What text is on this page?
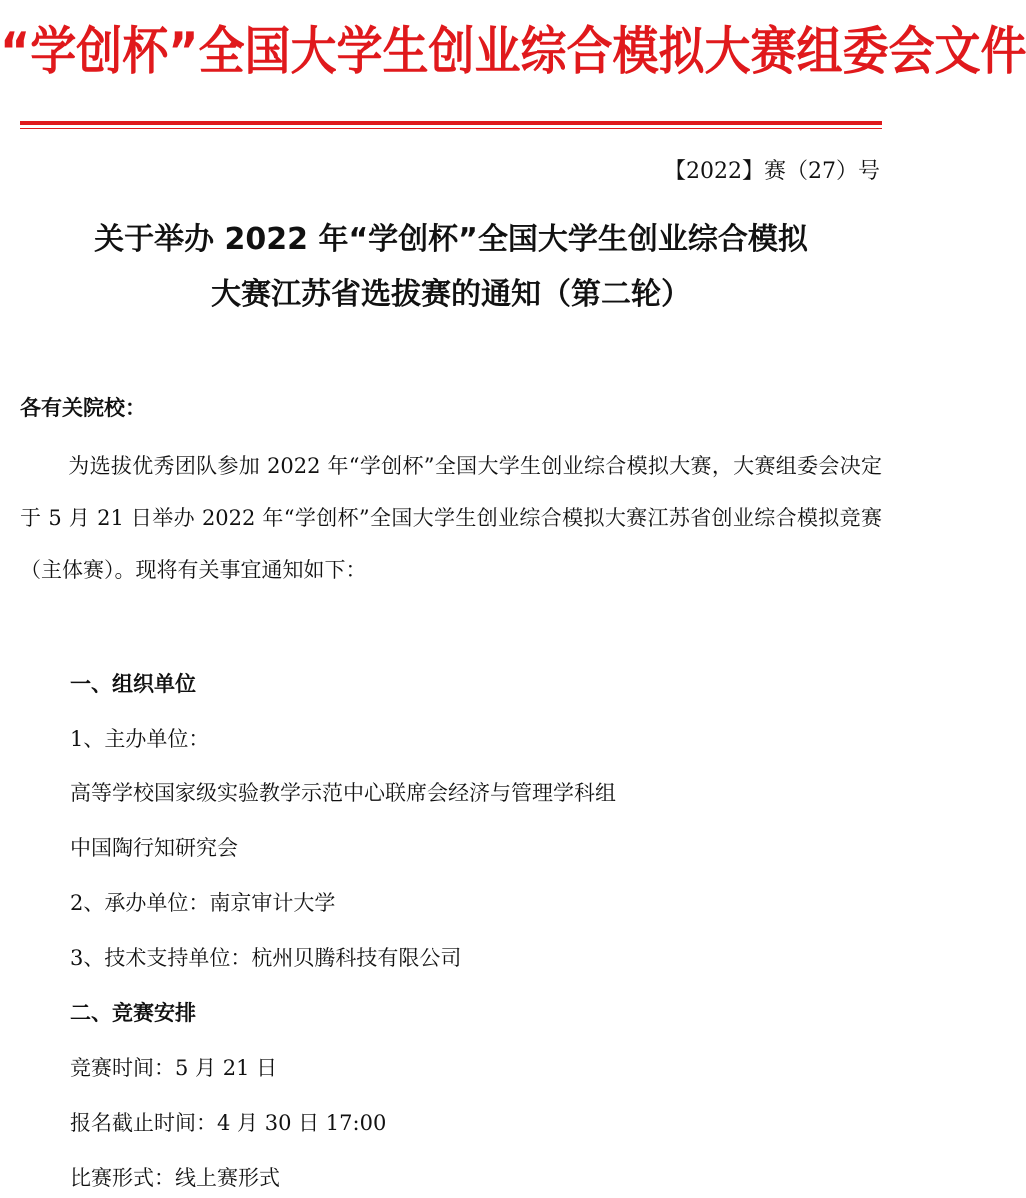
“学创杯”全国大学生创业综合模拟大赛组委会文件
【2022】赛（27）号
关于举办 2022 年“学创杯”全国大学生创业综合模拟
大赛江苏省选拔赛的通知（第二轮）
各有关院校：
为选拔优秀团队参加 2022 年“学创杯”全国大学生创业综合模拟大赛，大赛组委会决定于 5 月 21 日举办 2022 年“学创杯”全国大学生创业综合模拟大赛江苏省创业综合模拟竞赛（主体赛）。现将有关事宜通知如下：
一、组织单位
1、主办单位：
高等学校国家级实验教学示范中心联席会经济与管理学科组
中国陶行知研究会
2、承办单位：南京审计大学
3、技术支持单位：杭州贝腾科技有限公司
二、竞赛安排
竞赛时间：5 月 21 日
报名截止时间：4 月 30 日 17:00
比赛形式：线上赛形式
